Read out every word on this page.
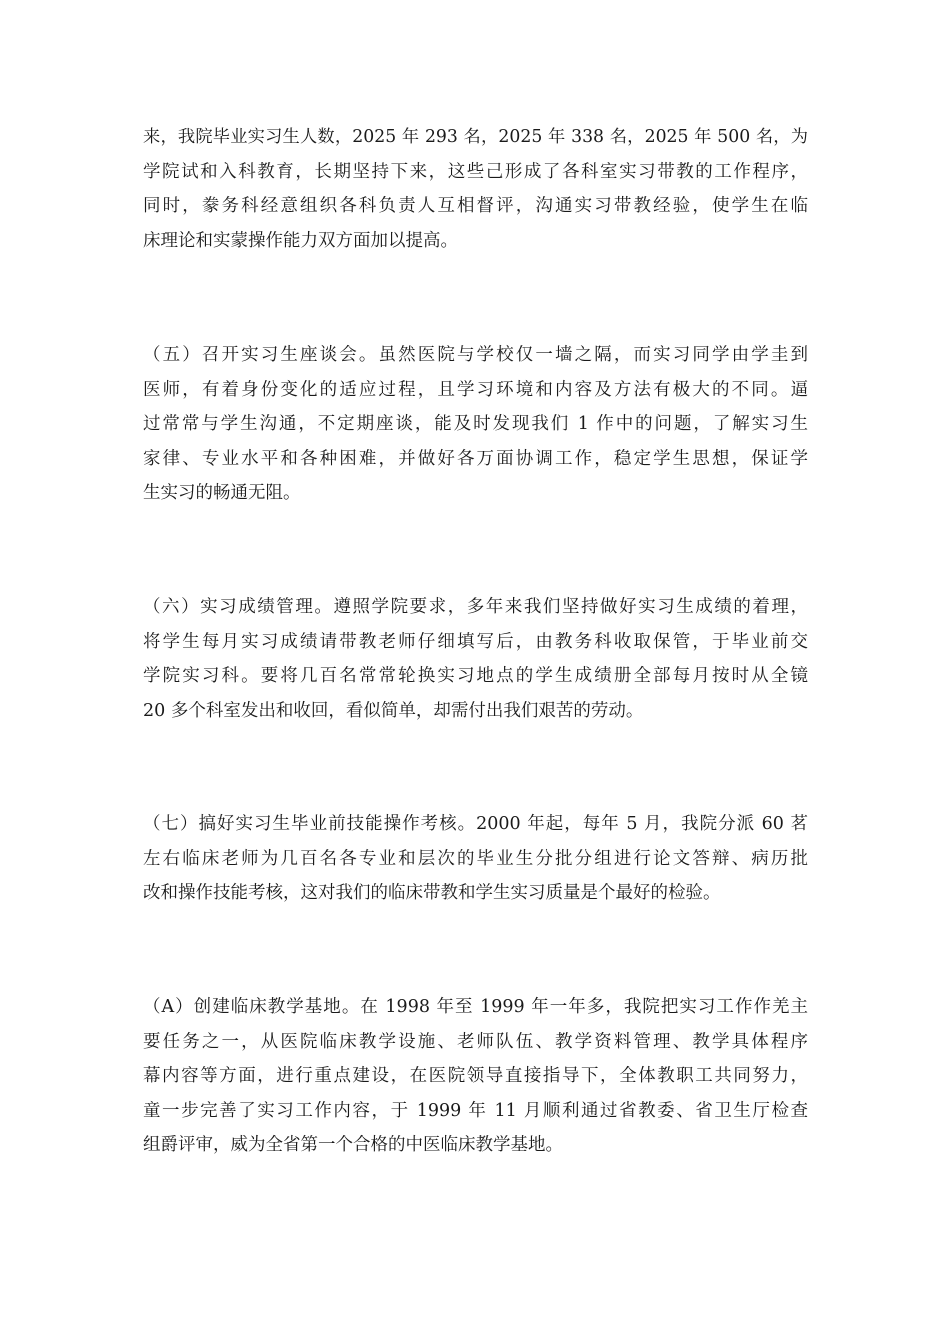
来，我院毕业实习生人数，2025 年 293 名，2025 年 338 名，2025 年 500 名，为
学院试和入科教育，长期坚持下来，这些己形成了各科室实习带教的工作程序，
同时，豢务科经意组织各科负责人互相督评，沟通实习带教经验，使学生在临
床理论和实蒙操作能力双方面加以提高。

（五）召开实习生座谈会。虽然医院与学校仅一墙之隔，而实习同学由学圭到
医师，有着身份变化的适应过程，且学习环境和内容及方法有极大的不同。逼
过常常与学生沟通，不定期座谈，能及时发现我们 1 作中的问题，了解实习生
家律、专业水平和各种困难，并做好各万面协调工作，稳定学生思想，保证学
生实习的畅通无阻。

（六）实习成绩管理。遵照学院要求，多年来我们坚持做好实习生成绩的着理，
将学生每月实习成绩请带教老师仔细填写后，由教务科收取保管，于毕业前交
学院实习科。要将几百名常常轮换实习地点的学生成绩册全部每月按时从全镜
20 多个科室发出和收回，看似简单，却需付出我们艰苦的劳动。

（七）搞好实习生毕业前技能操作考核。2000 年起，每年 5 月，我院分派 60 茗
左右临床老师为几百名各专业和层次的毕业生分批分组进行论文答辩、病历批
改和操作技能考核，这对我们的临床带教和学生实习质量是个最好的检验。

（A）创建临床教学基地。在 1998 年至 1999 年一年多，我院把实习工作作羌主
要任务之一，从医院临床教学设施、老师队伍、教学资料管理、教学具体程序
幕内容等方面，进行重点建设，在医院领导直接指导下，全体教职工共同努力，
童一步完善了实习工作内容，于 1999 年 11 月顺利通过省教委、省卫生厅检查
组爵评审，威为全省第一个合格的中医临床教学基地。
